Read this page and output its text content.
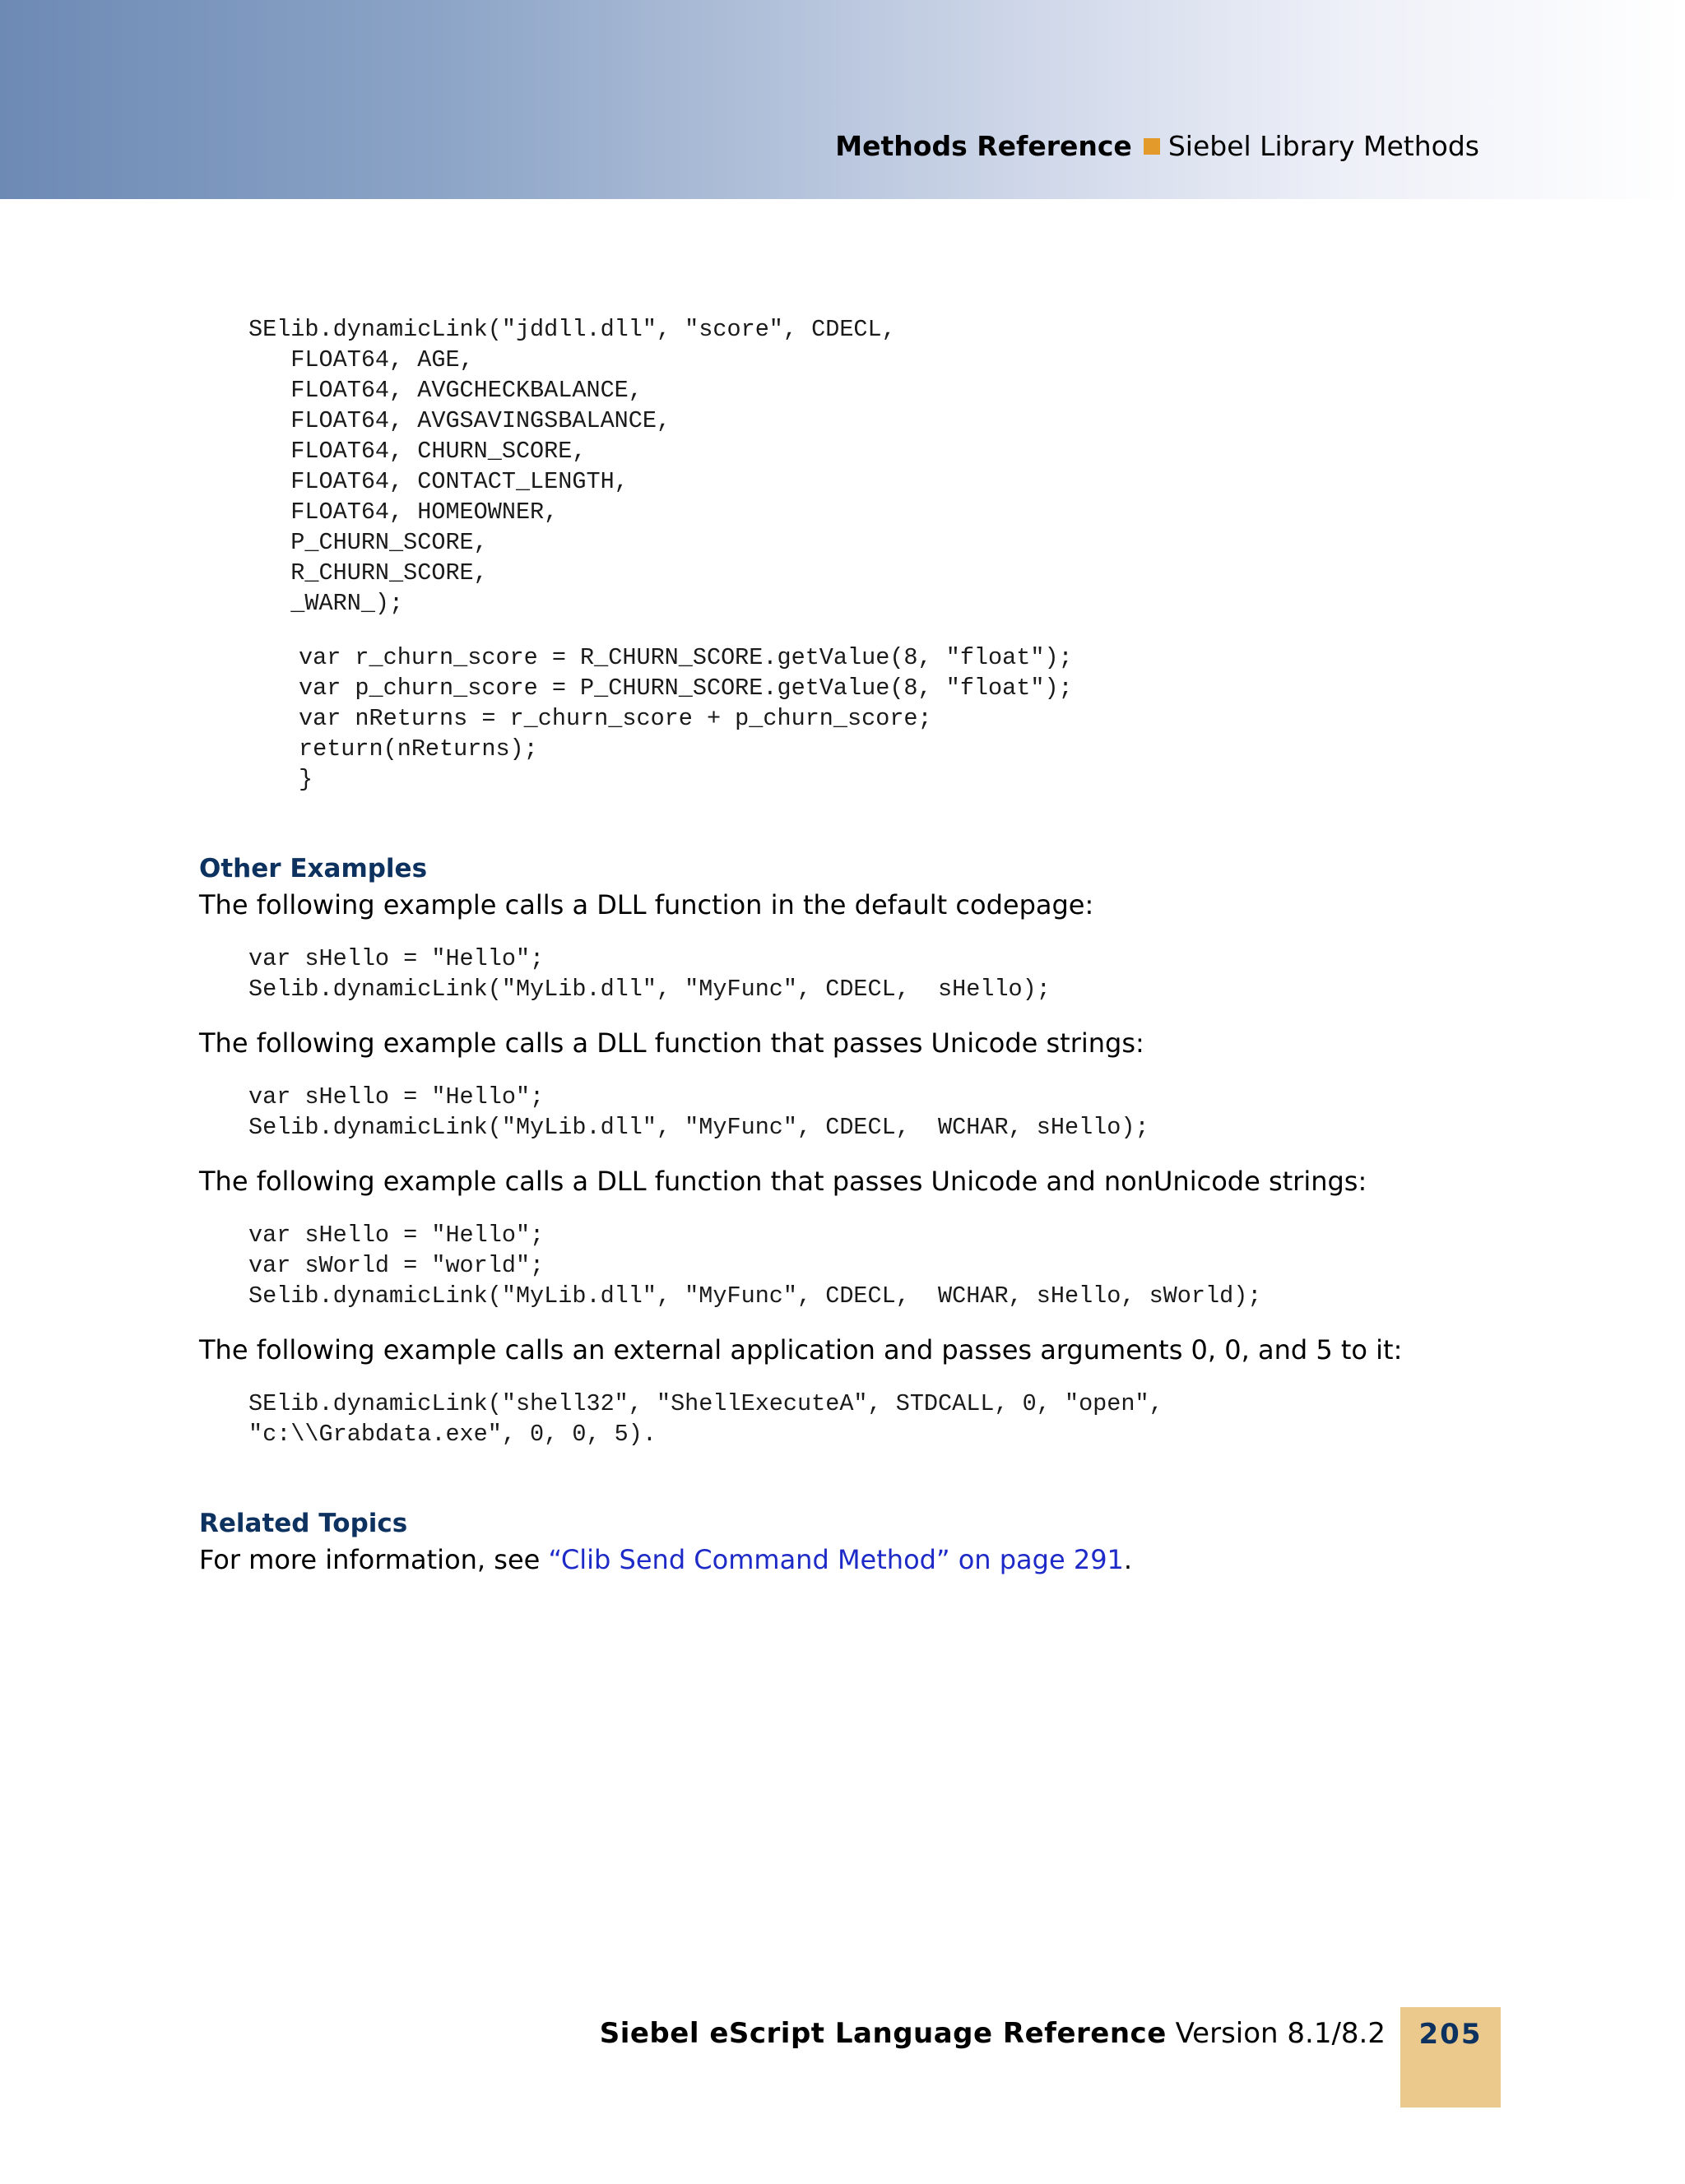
Methods Reference Siebel Library Methods
SElib.dynamicLink("jddll.dll", "score", CDECL,
FLOAT64, AGE,
FLOAT64, AVGCHECKBALANCE,
FLOAT64, AVGSAVINGSBALANCE,
FLOAT64, CHURN_SCORE,
FLOAT64, CONTACT_LENGTH,
FLOAT64, HOMEOWNER,
P_CHURN_SCORE,
R_CHURN_SCORE,
_WARN_);
var r_churn_score = R_CHURN_SCORE.getValue(8, "float");
var p_churn_score = P_CHURN_SCORE.getValue(8, "float");
var nReturns = r_churn_score + p_churn_score;
return(nReturns);
}
Other Examples
The following example calls a DLL function in the default codepage:
var sHello = "Hello";
Selib.dynamicLink("MyLib.dll", "MyFunc", CDECL,  sHello);
The following example calls a DLL function that passes Unicode strings:
var sHello = "Hello";
Selib.dynamicLink("MyLib.dll", "MyFunc", CDECL,  WCHAR, sHello);
The following example calls a DLL function that passes Unicode and nonUnicode strings:
var sHello = "Hello";
var sWorld = "world";
Selib.dynamicLink("MyLib.dll", "MyFunc", CDECL,  WCHAR, sHello, sWorld);
The following example calls an external application and passes arguments 0, 0, and 5 to it:
SElib.dynamicLink("shell32", "ShellExecuteA", STDCALL, 0, "open",
"c:\\Grabdata.exe", 0, 0, 5).
Related Topics
For more information, see “Clib Send Command Method” on page 291.
Siebel eScript Language Reference Version 8.1/8.2	205
